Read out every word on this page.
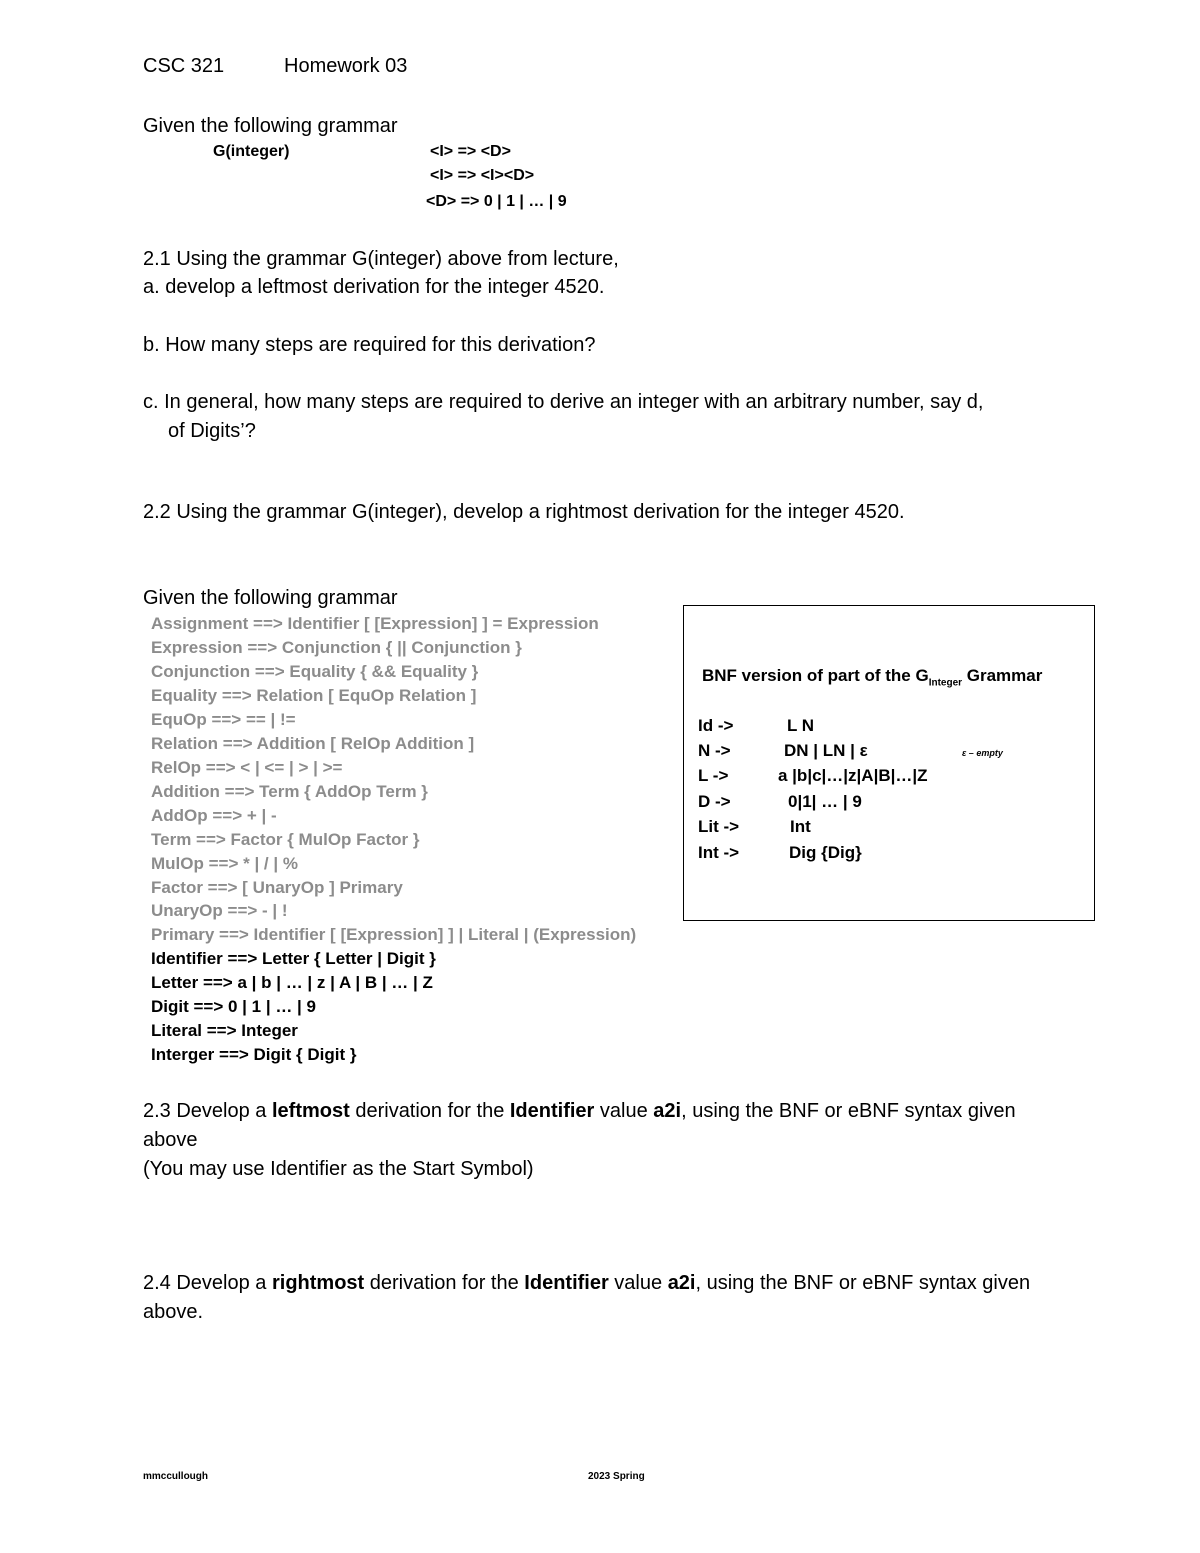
CSC 321	Homework 03
Given the following grammar
G(integer)	<I> => <D>
<I> => <I><D>
<D> => 0 | 1 | … | 9
2.1 Using the grammar G(integer) above from lecture,
a. develop a leftmost derivation for the integer 4520.
b. How many steps are required for this derivation?
c. In general, how many steps are required to derive an integer with an arbitrary number, say d,
of Digits’?
2.2 Using the grammar G(integer), develop a rightmost derivation for the integer 4520.
Given the following grammar
Assignment ==> Identifier [ [Expression] ] = Expression
Expression ==> Conjunction { || Conjunction }
Conjunction ==> Equality { && Equality }
Equality ==> Relation [ EquOp Relation ]
EquOp ==> == | !=
Relation ==> Addition [ RelOp Addition ]
RelOp ==> < | <= | > | >=
Addition ==> Term { AddOp Term }
AddOp ==> + | -
Term ==> Factor { MulOp Factor }
MulOp ==> * | / | %
Factor ==> [ UnaryOp ] Primary
UnaryOp ==> - | !
Primary ==> Identifier [ [Expression] ] | Literal | (Expression)
Identifier ==> Letter { Letter | Digit }
Letter ==> a | b | … | z | A | B | … | Z
Digit ==> 0 | 1 | … | 9
Literal ==> Integer
Interger ==> Digit { Digit }
BNF version of part of the $G_{Integer}$ Grammar
Id ->	L N
N ->	DN | LN | ε	ε – empty
L ->	a |b|c|…|z|A|B|…|Z
D ->	0|1| … | 9
Lit ->	Int
Int ->	Dig {Dig}
2.3 Develop a leftmost derivation for the Identifier value a2i, using the BNF or eBNF syntax given
above
(You may use Identifier as the Start Symbol)
2.4 Develop a rightmost derivation for the Identifier value a2i, using the BNF or eBNF syntax given
above.
mmccullough	2023 Spring
